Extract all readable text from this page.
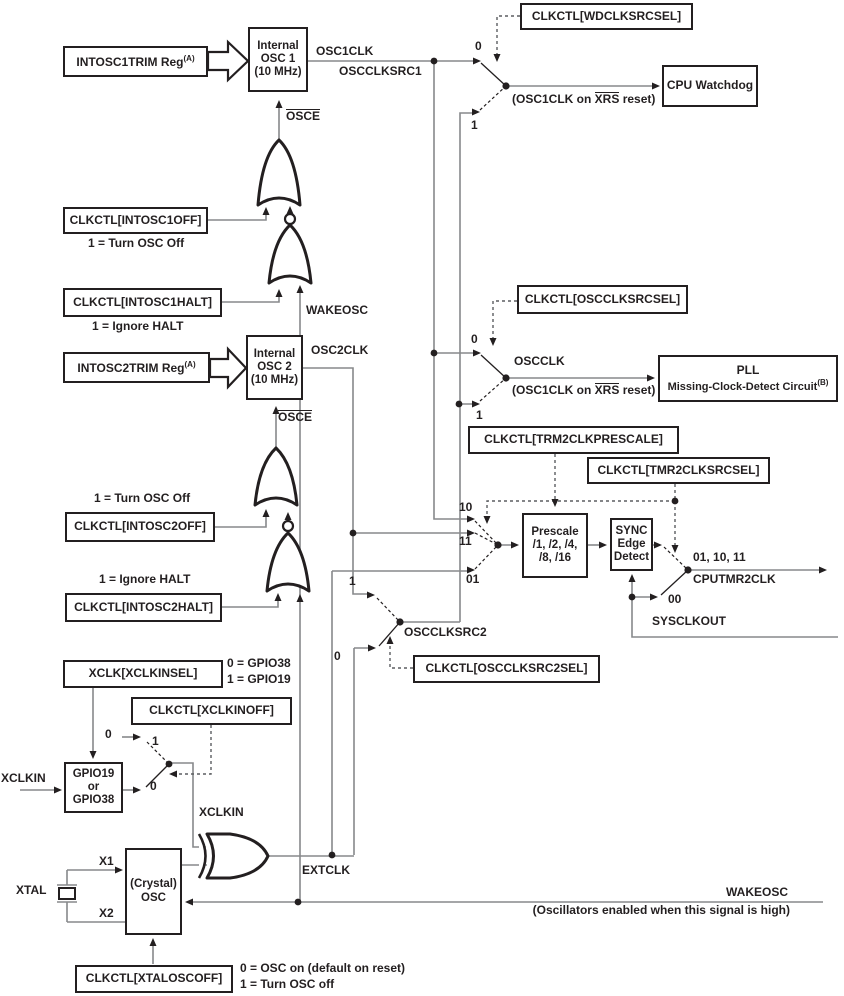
INTOSC1TRIM Reg$^{(A)}$
Internal
OSC 1
(10 MHz)
CLKCTL[INTOSC1OFF]
CLKCTL[INTOSC1HALT]
INTOSC2TRIM Reg$^{(A)}$
Internal
OSC 2
(10 MHz)
CLKCTL[INTOSC2OFF]
CLKCTL[INTOSC2HALT]
CLKCTL[WDCLKSRCSEL]
CPU Watchdog
CLKCTL[OSCCLKSRCSEL]
PLL
Missing-Clock-Detect Circuit$^{(B)}$
CLKCTL[TRM2CLKPRESCALE]
CLKCTL[TMR2CLKSRCSEL]
Prescale
/1, /2, /4,
/8, /16
SYNC
Edge
Detect
CLKCTL[OSCCLKSRC2SEL]
XCLK[XCLKINSEL]
CLKCTL[XCLKINOFF]
GPIO19
or
GPIO38
(Crystal)
OSC
CLKCTL[XTALOSCOFF]
OSC1CLK
OSCCLKSRC1
OSCE
1 = Turn OSC Off
1 = Ignore HALT
WAKEOSC
OSC2CLK
OSCE
1 = Turn OSC Off
1 = Ignore HALT
0
1
(OSC1CLK on XRS reset)
0
1
OSCCLK
(OSC1CLK on XRS reset)
10
11
01
1
0
OSCCLKSRC2
01, 10, 11
CPUTMR2CLK
00
SYSCLKOUT
0 = GPIO38
1 = GPIO19
0	1
0
XCLKIN
XCLKIN
EXTCLK
XTAL
X1
X2
WAKEOSC
(Oscillators enabled when this signal is high)
0 = OSC on (default on reset)
1 = Turn OSC off
